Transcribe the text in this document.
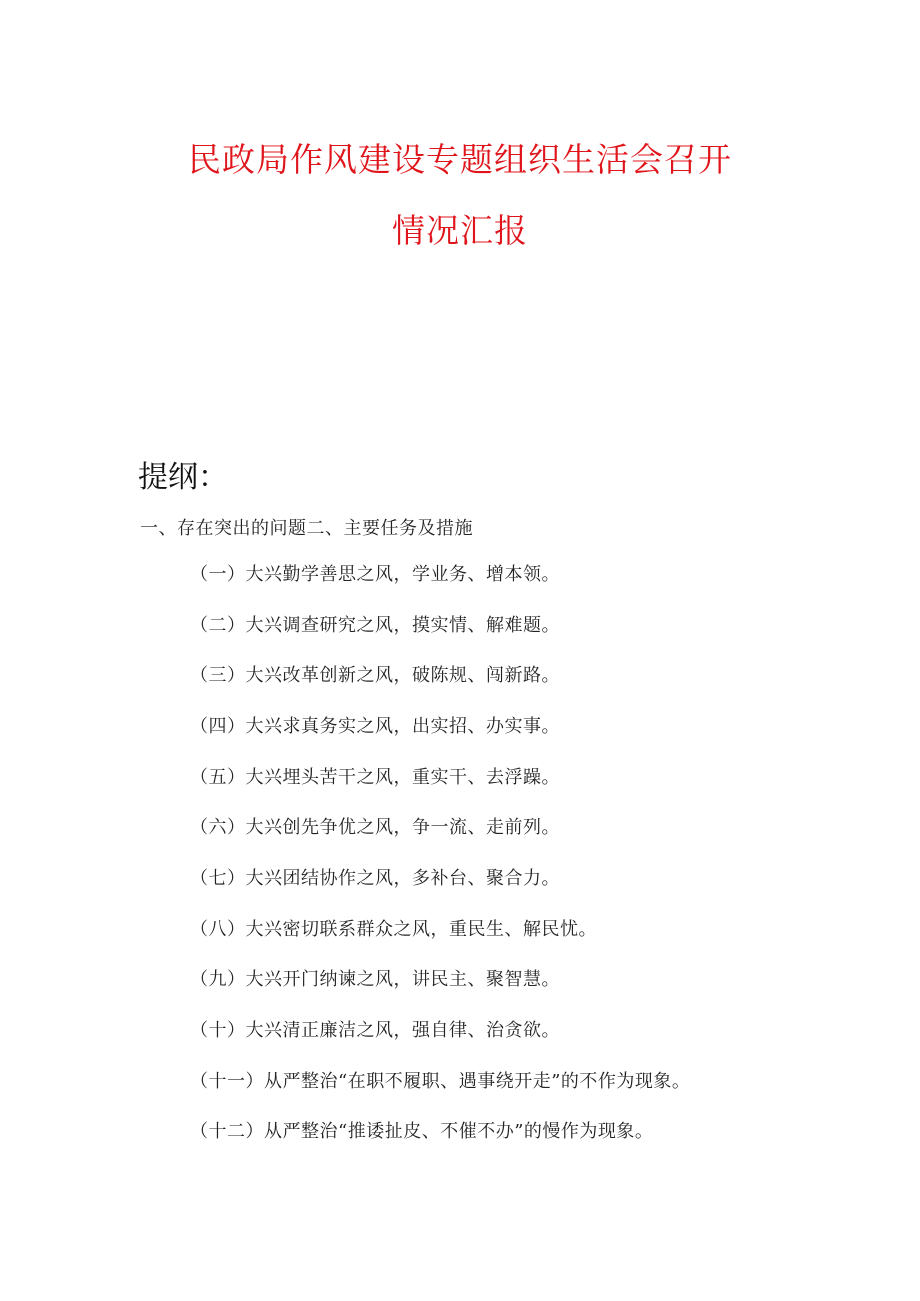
民政局作风建设专题组织生活会召开
情况汇报
提纲：
一、存在突出的问题二、主要任务及措施
（一）大兴勤学善思之风，学业务、增本领。
（二）大兴调查研究之风，摸实情、解难题。
（三）大兴改革创新之风，破陈规、闯新路。
（四）大兴求真务实之风，出实招、办实事。
（五）大兴埋头苦干之风，重实干、去浮躁。
（六）大兴创先争优之风，争一流、走前列。
（七）大兴团结协作之风，多补台、聚合力。
（八）大兴密切联系群众之风，重民生、解民忧。
（九）大兴开门纳谏之风，讲民主、聚智慧。
（十）大兴清正廉洁之风，强自律、治贪欲。
（十一）从严整治“在职不履职、遇事绕开走”的不作为现象。
（十二）从严整治“推诿扯皮、不催不办”的慢作为现象。
